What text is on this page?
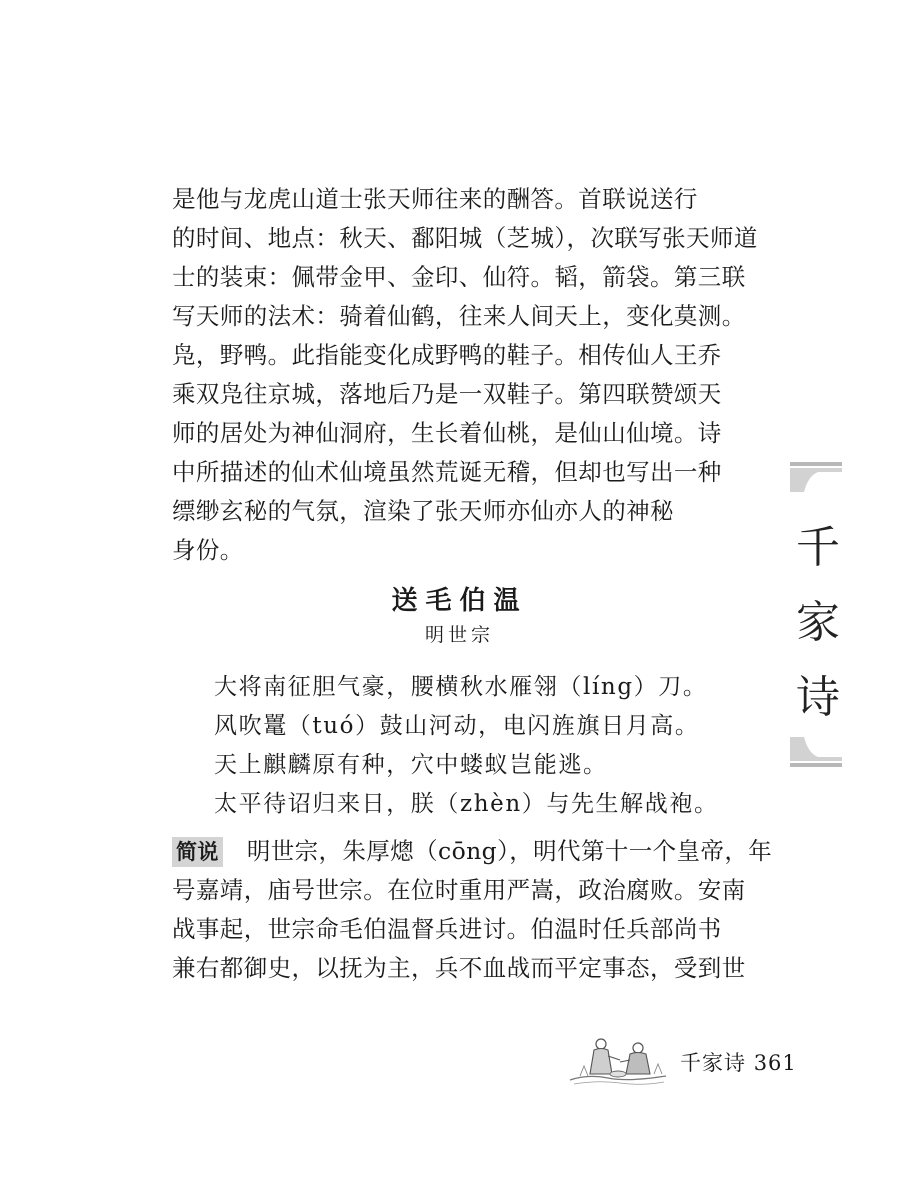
是他与龙虎山道士张天师往来的酬答。首联说送行
的时间、地点：秋天、鄱阳城（芝城），次联写张天师道
士的装束：佩带金甲、金印、仙符。韬，箭袋。第三联
写天师的法术：骑着仙鹤，往来人间天上，变化莫测。
凫，野鸭。此指能变化成野鸭的鞋子。相传仙人王乔
乘双凫往京城，落地后乃是一双鞋子。第四联赞颂天
师的居处为神仙洞府，生长着仙桃，是仙山仙境。诗
中所描述的仙术仙境虽然荒诞无稽，但却也写出一种
缥缈玄秘的气氛，渲染了张天师亦仙亦人的神秘
身份。

送毛伯温
明世宗
大将南征胆气豪，腰横秋水雁翎（líng）刀。
风吹鼍（tuó）鼓山河动，电闪旌旗日月高。
天上麒麟原有种，穴中蝼蚁岂能逃。
太平待诏归来日，朕（zhèn）与先生解战袍。
简说 明世宗，朱厚熜（cōng），明代第十一个皇帝，年
号嘉靖，庙号世宗。在位时重用严嵩，政治腐败。安南
战事起，世宗命毛伯温督兵进讨。伯温时任兵部尚书
兼右都御史，以抚为主，兵不血战而平定事态，受到世
千
家
诗
千家诗 361
